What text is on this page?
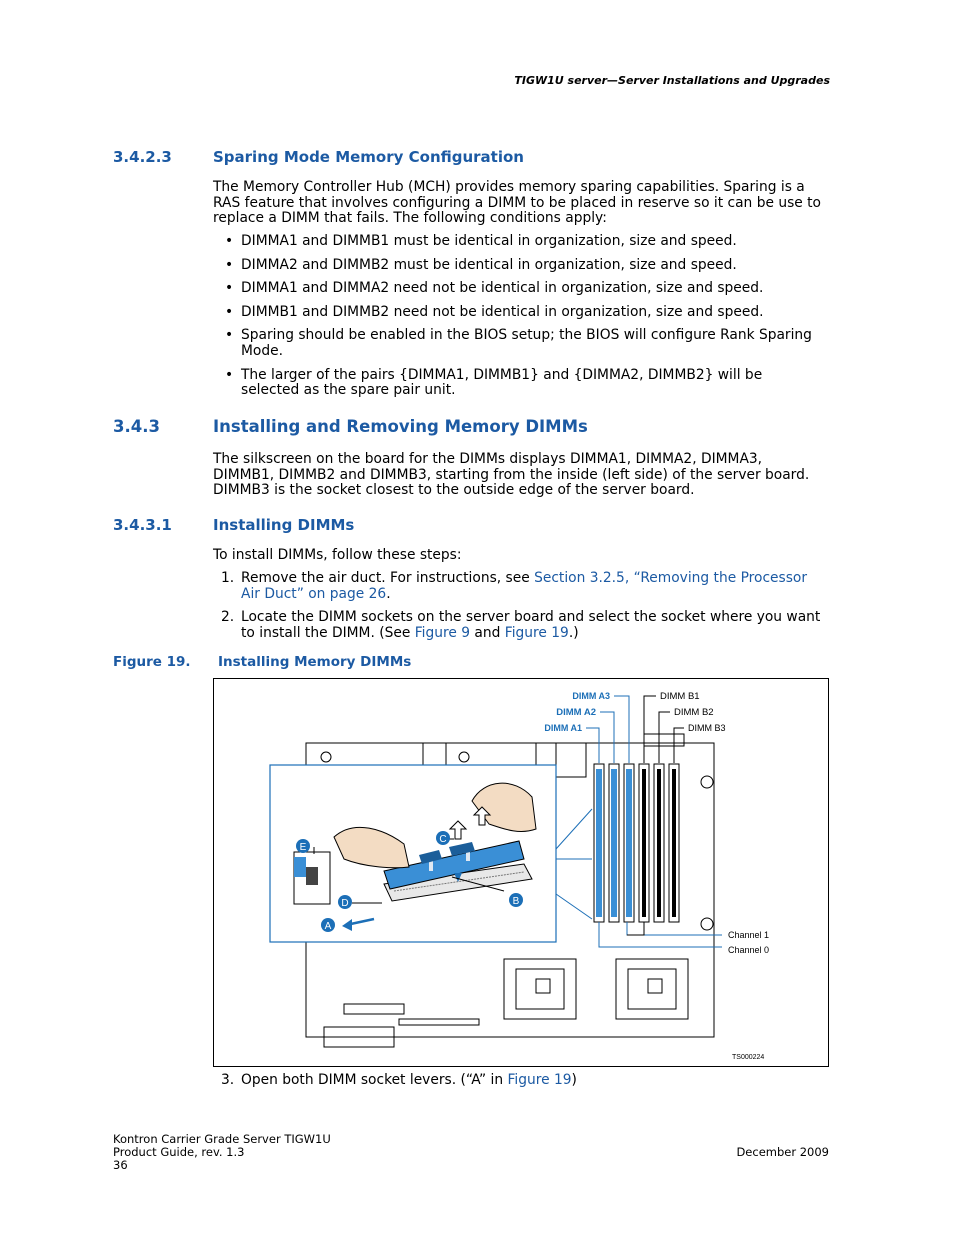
TIGW1U server—Server Installations and Upgrades
3.4.2.3	Sparing Mode Memory Configuration
The Memory Controller Hub (MCH) provides memory sparing capabilities. Sparing is a
RAS feature that involves configuring a DIMM to be placed in reserve so it can be use to
replace a DIMM that fails. The following conditions apply:
• DIMMA1 and DIMMB1 must be identical in organization, size and speed.
• DIMMA2 and DIMMB2 must be identical in organization, size and speed.
• DIMMA1 and DIMMA2 need not be identical in organization, size and speed.
• DIMMB1 and DIMMB2 need not be identical in organization, size and speed.
• Sparing should be enabled in the BIOS setup; the BIOS will configure Rank Sparing
Mode.
• The larger of the pairs {DIMMA1, DIMMB1} and {DIMMA2, DIMMB2} will be
selected as the spare pair unit.
3.4.3	Installing and Removing Memory DIMMs
The silkscreen on the board for the DIMMs displays DIMMA1, DIMMA2, DIMMA3,
DIMMB1, DIMMB2 and DIMMB3, starting from the inside (left side) of the server board.
DIMMB3 is the socket closest to the outside edge of the server board.
3.4.3.1	Installing DIMMs
To install DIMMs, follow these steps:
1. Remove the air duct. For instructions, see Section 3.2.5, “Removing the Processor
Air Duct” on page 26.
2. Locate the DIMM sockets on the server board and select the socket where you want
to install the DIMM. (See Figure 9 and Figure 19.)
Figure 19. Installing Memory DIMMs
DIMM A3
DIMM A2
DIMM A1
DIMM B1
DIMM B2
DIMM B3
Channel 1
Channel 0
TS000224
E
C
D	B
A
3. Open both DIMM socket levers. (“A” in Figure 19)
Kontron Carrier Grade Server TIGW1U
Product Guide, rev. 1.3
36
December 2009
